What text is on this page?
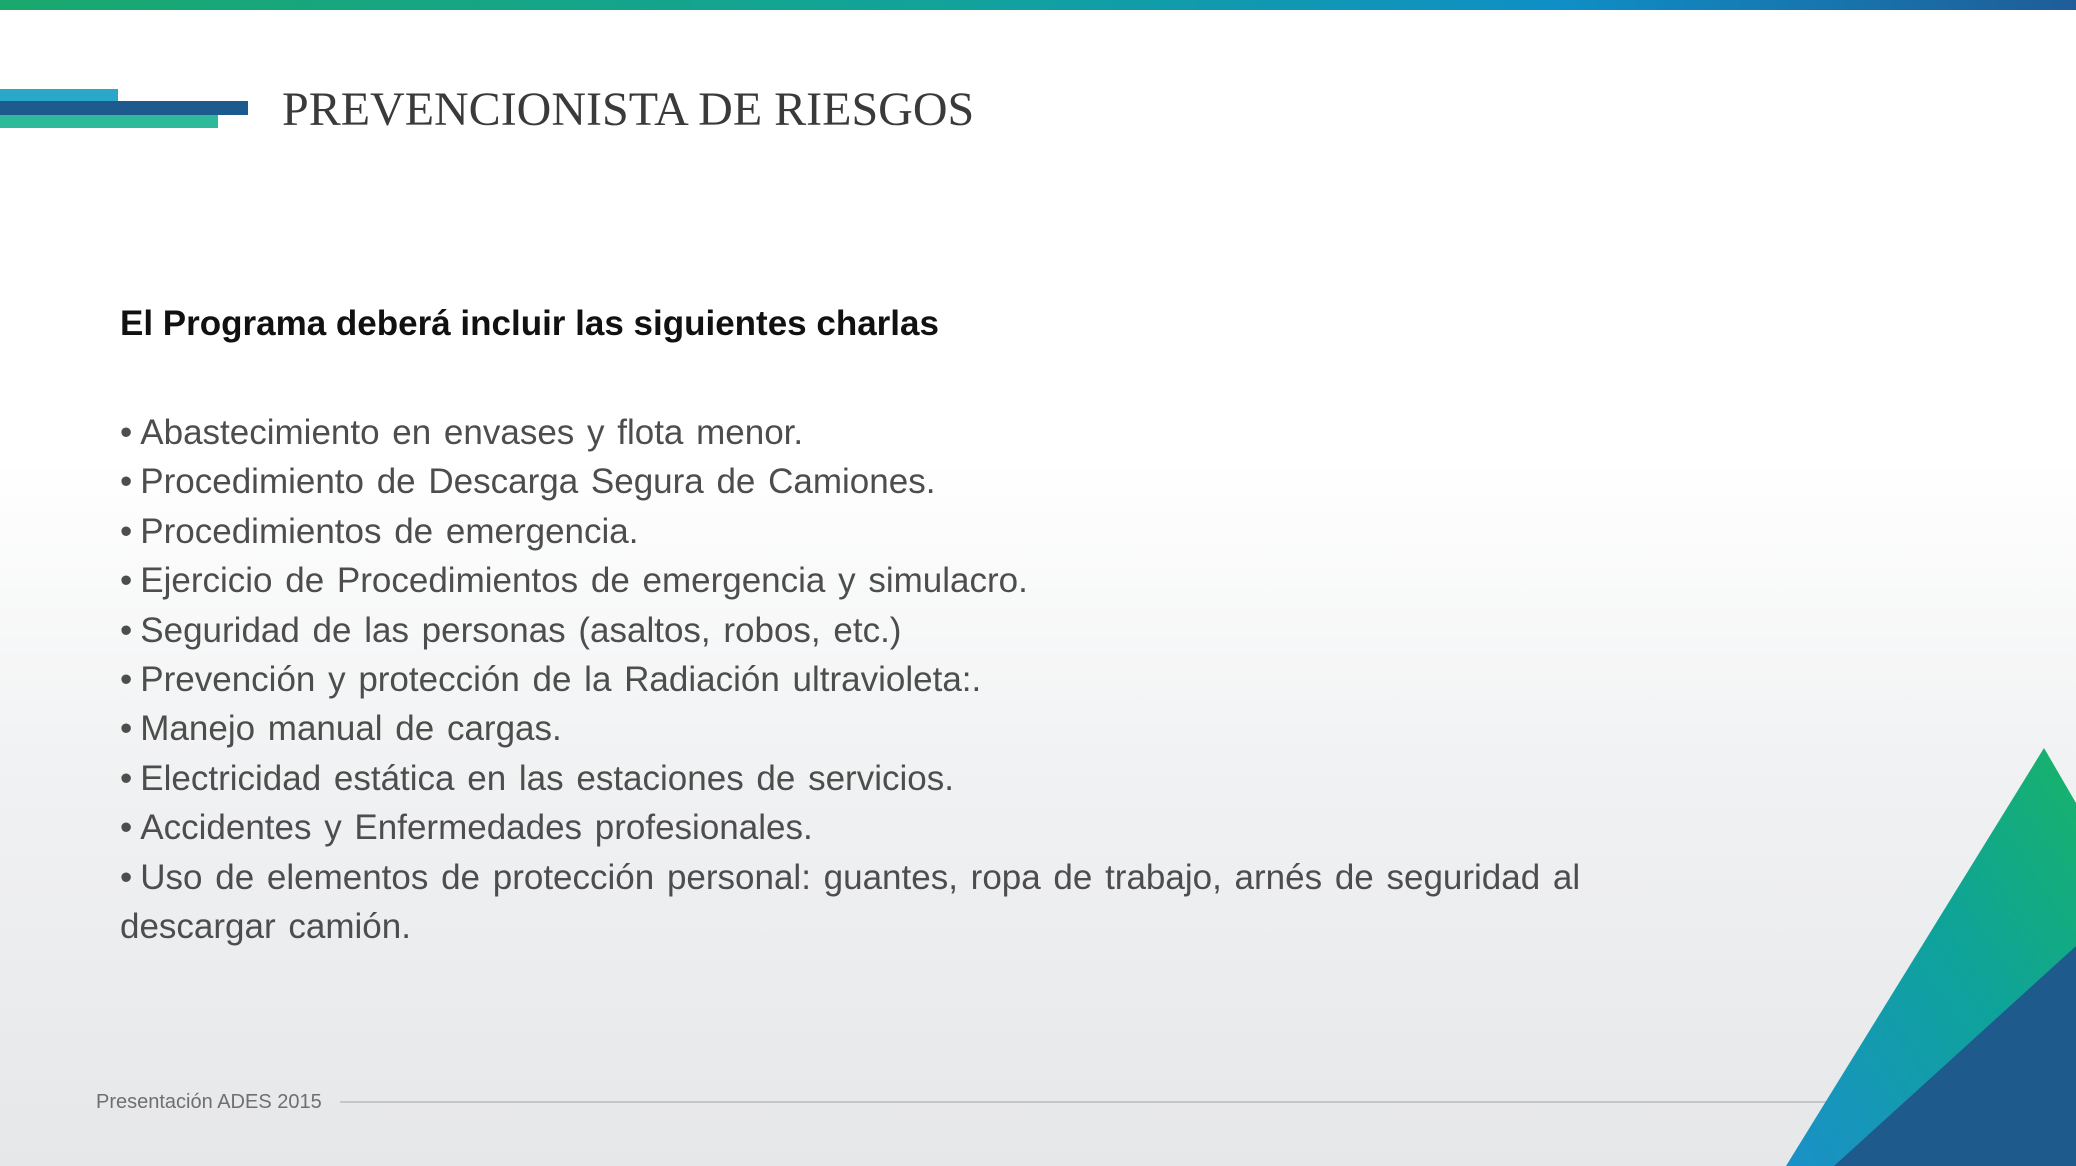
PREVENCIONISTA DE RIESGOS
El Programa deberá incluir las siguientes charlas
• Abastecimiento en envases y flota menor.
• Procedimiento de Descarga Segura de Camiones.
• Procedimientos de emergencia.
• Ejercicio de Procedimientos de emergencia y simulacro.
• Seguridad de las personas (asaltos, robos, etc.)
• Prevención y protección de la Radiación ultravioleta:.
• Manejo manual de cargas.
• Electricidad estática en las estaciones de servicios.
• Accidentes y Enfermedades profesionales.
• Uso de elementos de protección personal: guantes, ropa de trabajo, arnés de seguridad al descargar camión.
Presentación ADES 2015
